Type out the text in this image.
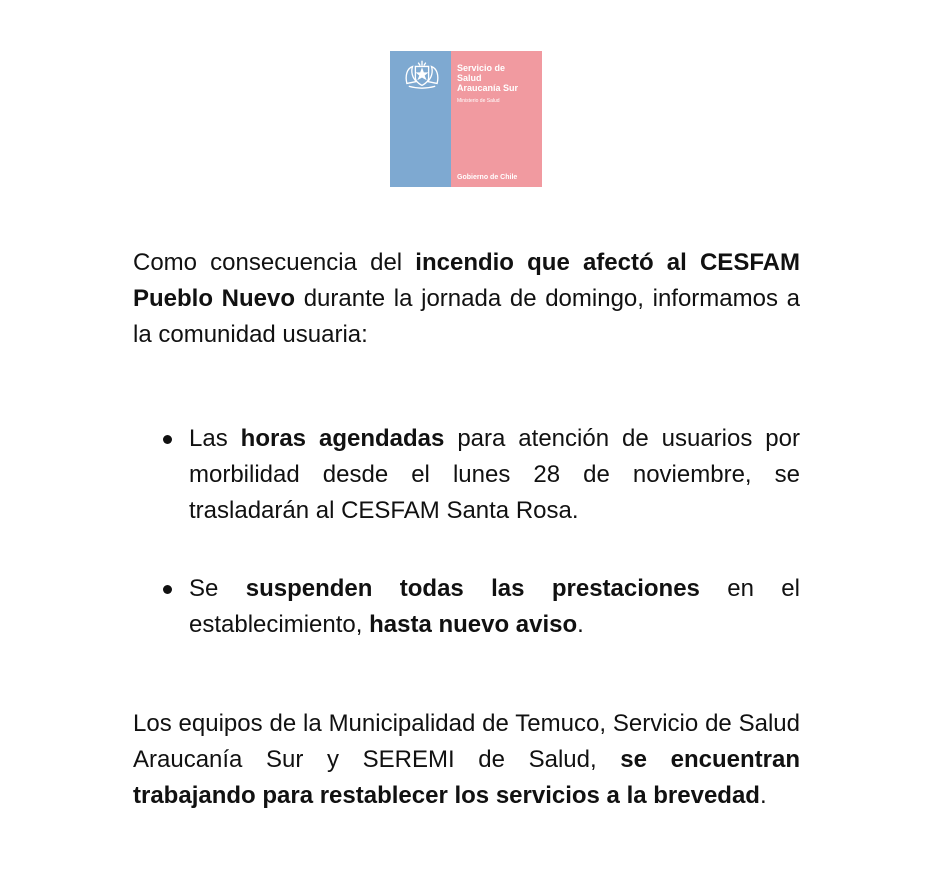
Servicio de
Salud
Araucanía Sur
Ministerio de Salud
Gobierno de Chile

Como consecuencia del incendio que afectó al CESFAM Pueblo Nuevo durante la jornada de domingo, informamos a la comunidad usuaria:

Las horas agendadas para atención de usuarios por morbilidad desde el lunes 28 de noviembre, se trasladarán al CESFAM Santa Rosa.
Se suspenden todas las prestaciones en el establecimiento, hasta nuevo aviso.

Los equipos de la Municipalidad de Temuco, Servicio de Salud Araucanía Sur y SEREMI de Salud, se encuentran trabajando para restablecer los servicios a la brevedad.
